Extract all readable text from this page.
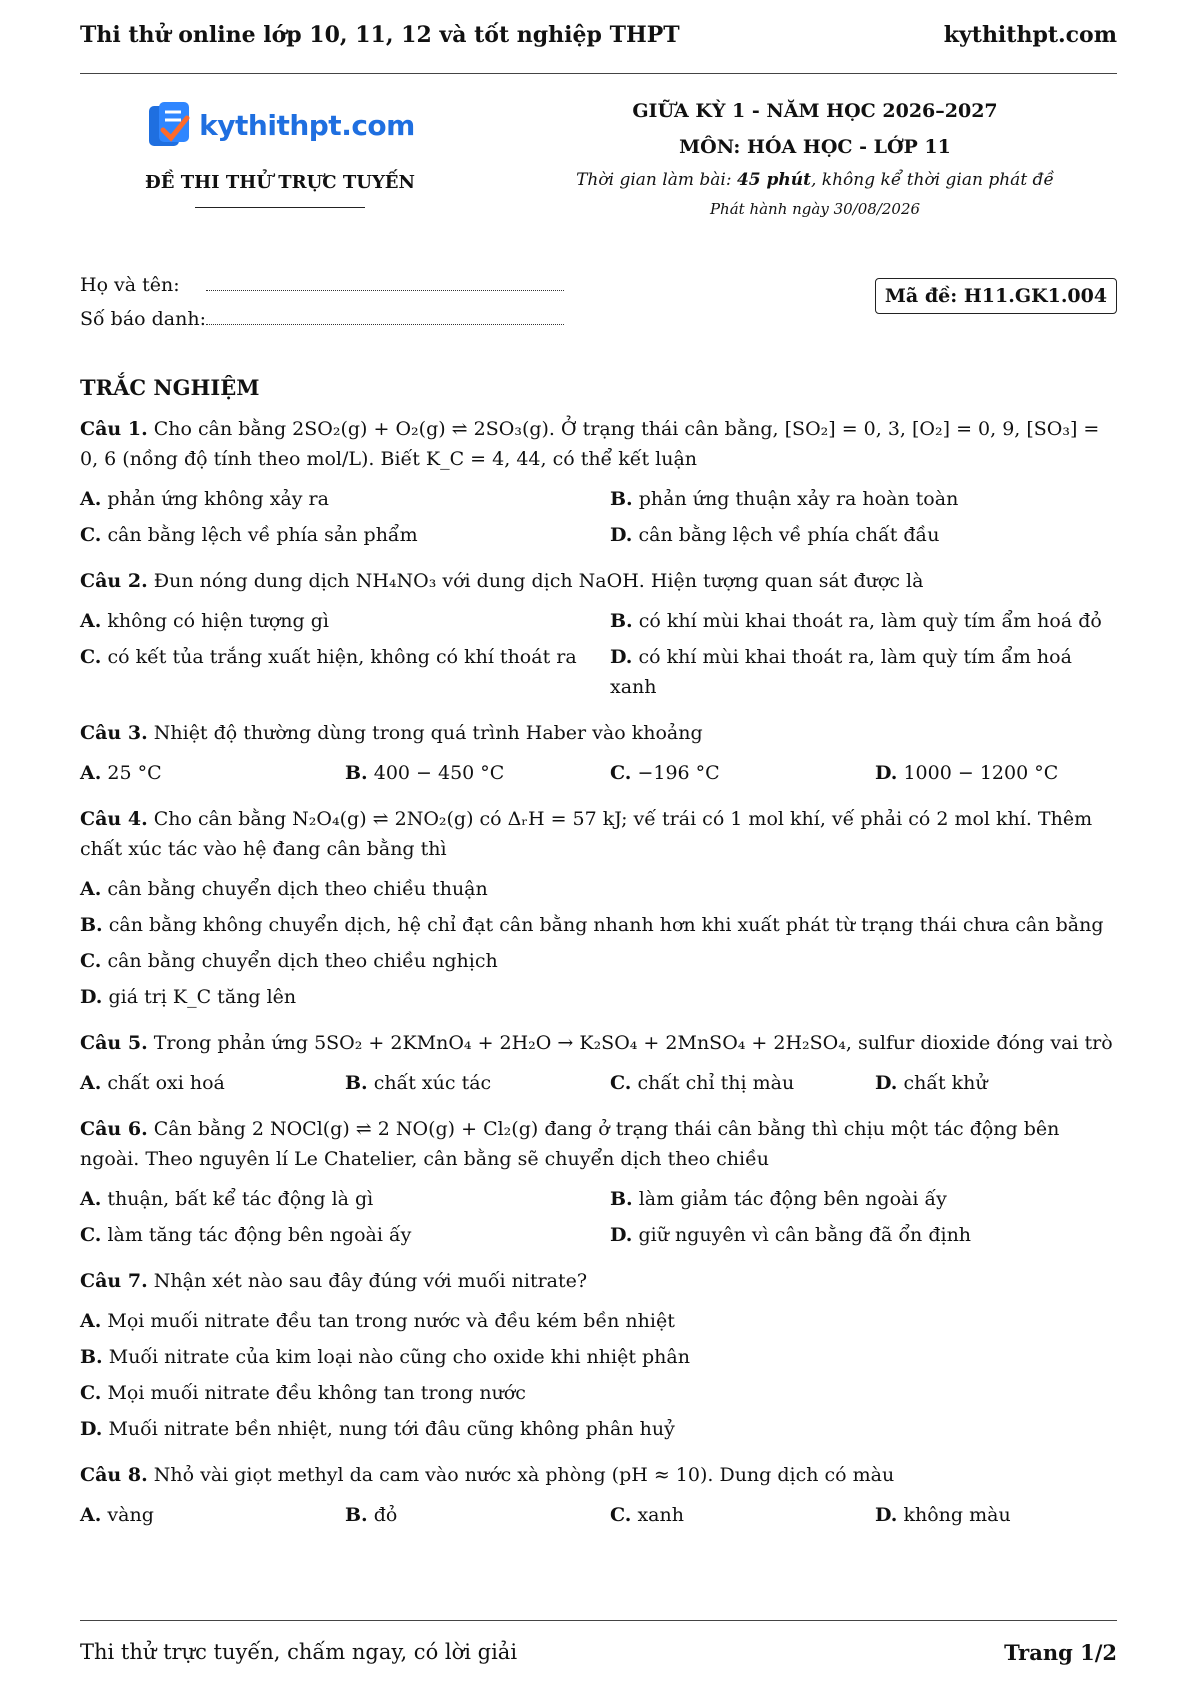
Thi thử online lớp 10, 11, 12 và tốt nghiệp THPT	kythithpt.com
kythithpt.com
ĐỀ THI THỬ TRỰC TUYẾN
GIỮA KỲ 1 - NĂM HỌC 2026–2027
MÔN: HÓA HỌC - LỚP 11
Thời gian làm bài: 45 phút, không kể thời gian phát đề
Phát hành ngày 30/08/2026
Họ và tên:
Số báo danh:
Mã đề: H11.GK1.004
TRẮC NGHIỆM
Câu 1. Cho cân bằng 2SO₂(g) + O₂(g) ⇌ 2SO₃(g). Ở trạng thái cân bằng, [SO₂] = 0, 3, [O₂] = 0, 9, [SO₃] = 0, 6 (nồng độ tính theo mol/L). Biết K_C = 4, 44, có thể kết luận
A. phản ứng không xảy ra	B. phản ứng thuận xảy ra hoàn toàn
C. cân bằng lệch về phía sản phẩm	D. cân bằng lệch về phía chất đầu
Câu 2. Đun nóng dung dịch NH₄NO₃ với dung dịch NaOH. Hiện tượng quan sát được là
A. không có hiện tượng gì	B. có khí mùi khai thoát ra, làm quỳ tím ẩm hoá đỏ
C. có kết tủa trắng xuất hiện, không có khí thoát ra	D. có khí mùi khai thoát ra, làm quỳ tím ẩm hoá xanh
Câu 3. Nhiệt độ thường dùng trong quá trình Haber vào khoảng
A. 25 °C	B. 400 − 450 °C	C. −196 °C	D. 1000 − 1200 °C
Câu 4. Cho cân bằng N₂O₄(g) ⇌ 2NO₂(g) có ΔᵣH = 57 kJ; vế trái có 1 mol khí, vế phải có 2 mol khí. Thêm chất xúc tác vào hệ đang cân bằng thì
A. cân bằng chuyển dịch theo chiều thuận
B. cân bằng không chuyển dịch, hệ chỉ đạt cân bằng nhanh hơn khi xuất phát từ trạng thái chưa cân bằng
C. cân bằng chuyển dịch theo chiều nghịch
D. giá trị K_C tăng lên
Câu 5. Trong phản ứng 5SO₂ + 2KMnO₄ + 2H₂O → K₂SO₄ + 2MnSO₄ + 2H₂SO₄, sulfur dioxide đóng vai trò
A. chất oxi hoá	B. chất xúc tác	C. chất chỉ thị màu	D. chất khử
Câu 6. Cân bằng 2 NOCl(g) ⇌ 2 NO(g) + Cl₂(g) đang ở trạng thái cân bằng thì chịu một tác động bên ngoài. Theo nguyên lí Le Chatelier, cân bằng sẽ chuyển dịch theo chiều
A. thuận, bất kể tác động là gì	B. làm giảm tác động bên ngoài ấy
C. làm tăng tác động bên ngoài ấy	D. giữ nguyên vì cân bằng đã ổn định
Câu 7. Nhận xét nào sau đây đúng với muối nitrate?
A. Mọi muối nitrate đều tan trong nước và đều kém bền nhiệt
B. Muối nitrate của kim loại nào cũng cho oxide khi nhiệt phân
C. Mọi muối nitrate đều không tan trong nước
D. Muối nitrate bền nhiệt, nung tới đâu cũng không phân huỷ
Câu 8. Nhỏ vài giọt methyl da cam vào nước xà phòng (pH ≈ 10). Dung dịch có màu
A. vàng	B. đỏ	C. xanh	D. không màu
Thi thử trực tuyến, chấm ngay, có lời giải	Trang 1/2
